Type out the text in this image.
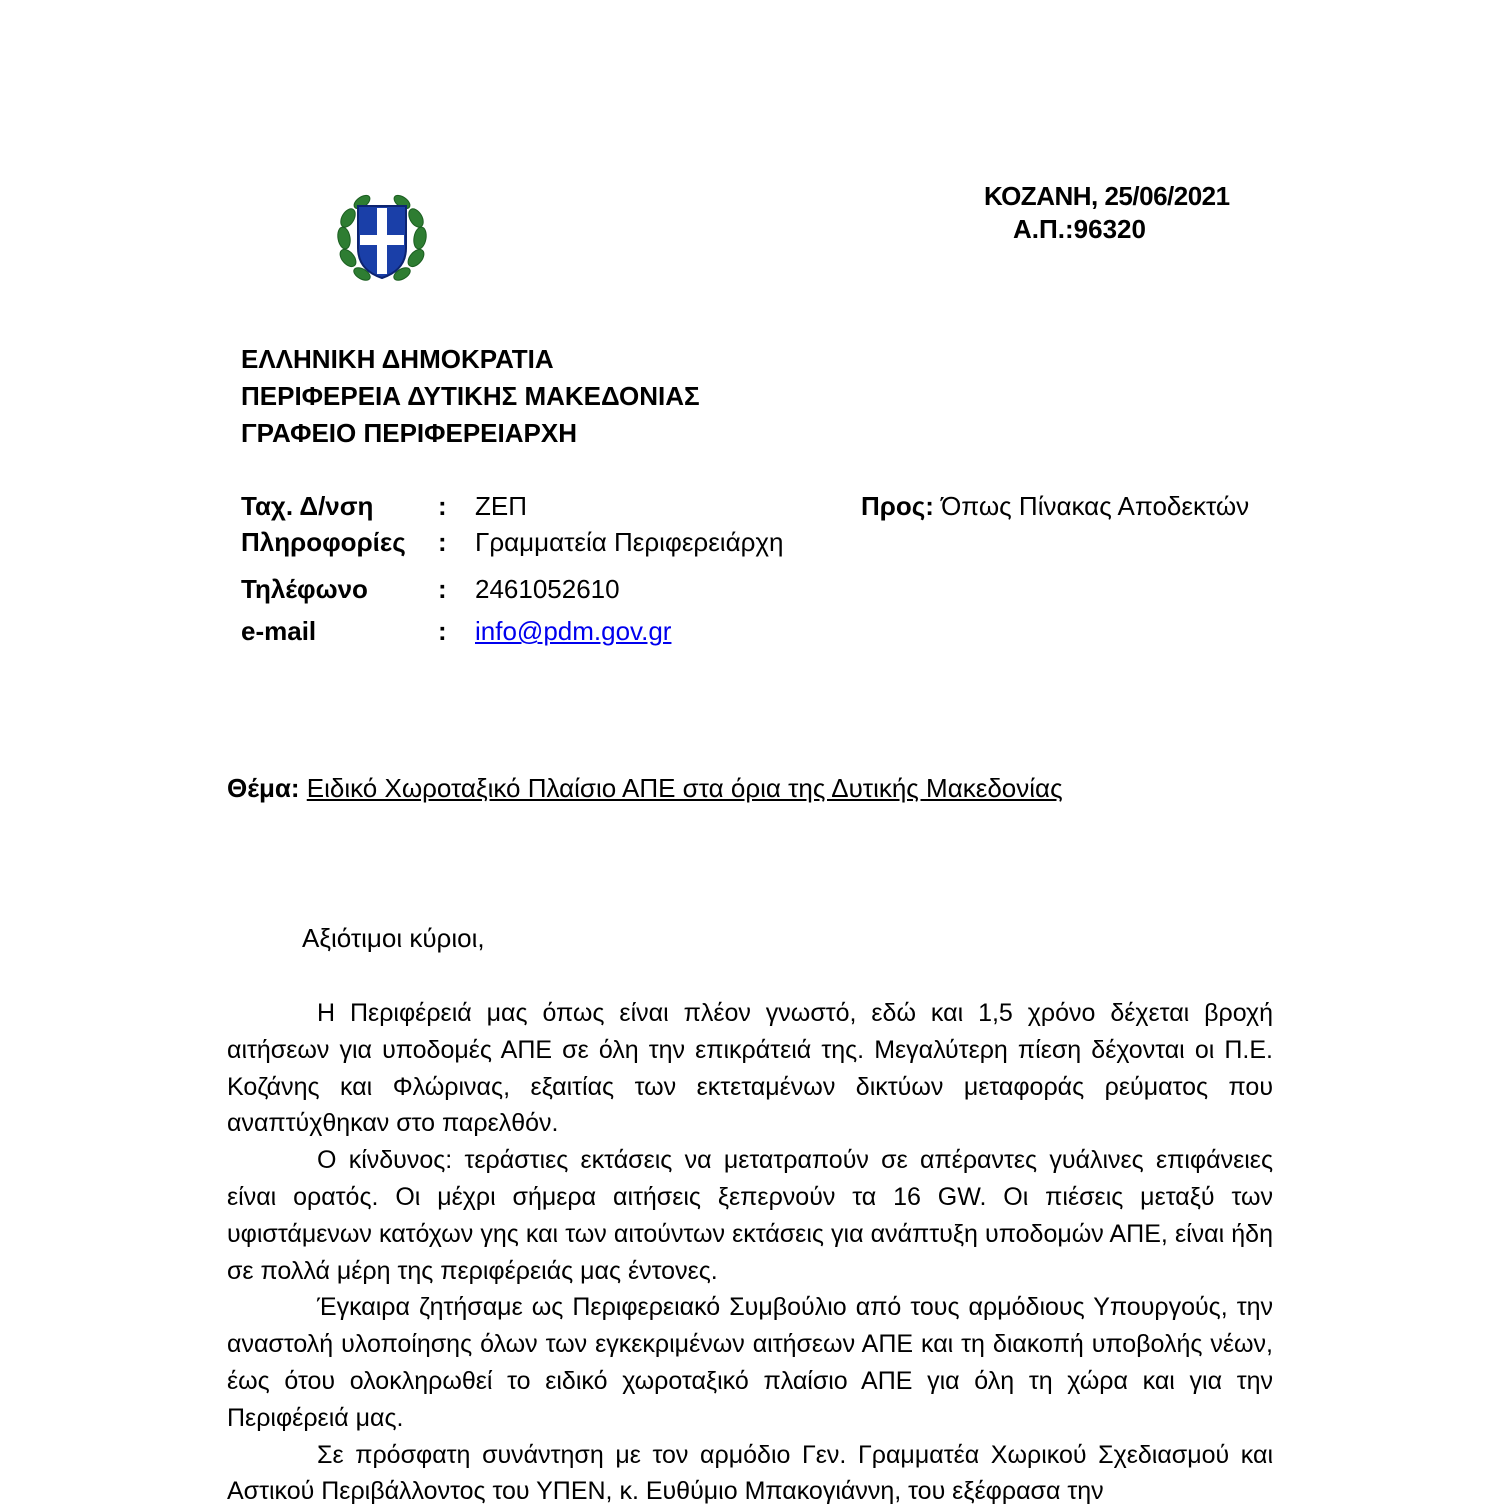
ΚΟΖΑΝΗ, 25/06/2021
Α.Π.:96320
ΕΛΛΗΝΙΚΗ ΔΗΜΟΚΡΑΤΙΑ
ΠΕΡΙΦΕΡΕΙΑ ΔΥΤΙΚΗΣ ΜΑΚΕΔΟΝΙΑΣ
ΓΡΑΦΕΙΟ ΠΕΡΙΦΕΡΕΙΑΡΧΗ
Ταχ. Δ/νση : ΖΕΠ
Πληροφορίες : Γραμματεία Περιφερειάρχη
Τηλέφωνο	: 2461052610
e-mail	: info@pdm.gov.gr
Προς: Όπως Πίνακας Αποδεκτών
Θέμα: Ειδικό Χωροταξικό Πλαίσιο ΑΠΕ στα όρια της Δυτικής Μακεδονίας
Αξιότιμοι κύριοι,

Η Περιφέρειά μας όπως είναι πλέον γνωστό, εδώ και 1,5 χρόνο δέχεται βροχή αιτήσεων για υποδομές ΑΠΕ σε όλη την επικράτειά της. Μεγαλύτερη πίεση δέχονται οι Π.Ε. Κοζάνης και Φλώρινας, εξαιτίας των εκτεταμένων δικτύων μεταφοράς ρεύματος που αναπτύχθηκαν στο παρελθόν.

Ο κίνδυνος: τεράστιες εκτάσεις να μετατραπούν σε απέραντες γυάλινες επιφάνειες είναι ορατός. Οι μέχρι σήμερα αιτήσεις ξεπερνούν τα 16 GW. Οι πιέσεις μεταξύ των υφιστάμενων κατόχων γης και των αιτούντων εκτάσεις για ανάπτυξη υποδομών ΑΠΕ, είναι ήδη σε πολλά μέρη της περιφέρειάς μας έντονες.

Έγκαιρα ζητήσαμε ως Περιφερειακό Συμβούλιο από τους αρμόδιους Υπουργούς, την αναστολή υλοποίησης όλων των εγκεκριμένων αιτήσεων ΑΠΕ και τη διακοπή υποβολής νέων, έως ότου ολοκληρωθεί το ειδικό χωροταξικό πλαίσιο ΑΠΕ για όλη τη χώρα και για την Περιφέρειά μας.

Σε πρόσφατη συνάντηση με τον αρμόδιο Γεν. Γραμματέα Χωρικού Σχεδιασμού και Αστικού Περιβάλλοντος του ΥΠΕΝ, κ. Ευθύμιο Μπακογιάννη, του εξέφρασα την
